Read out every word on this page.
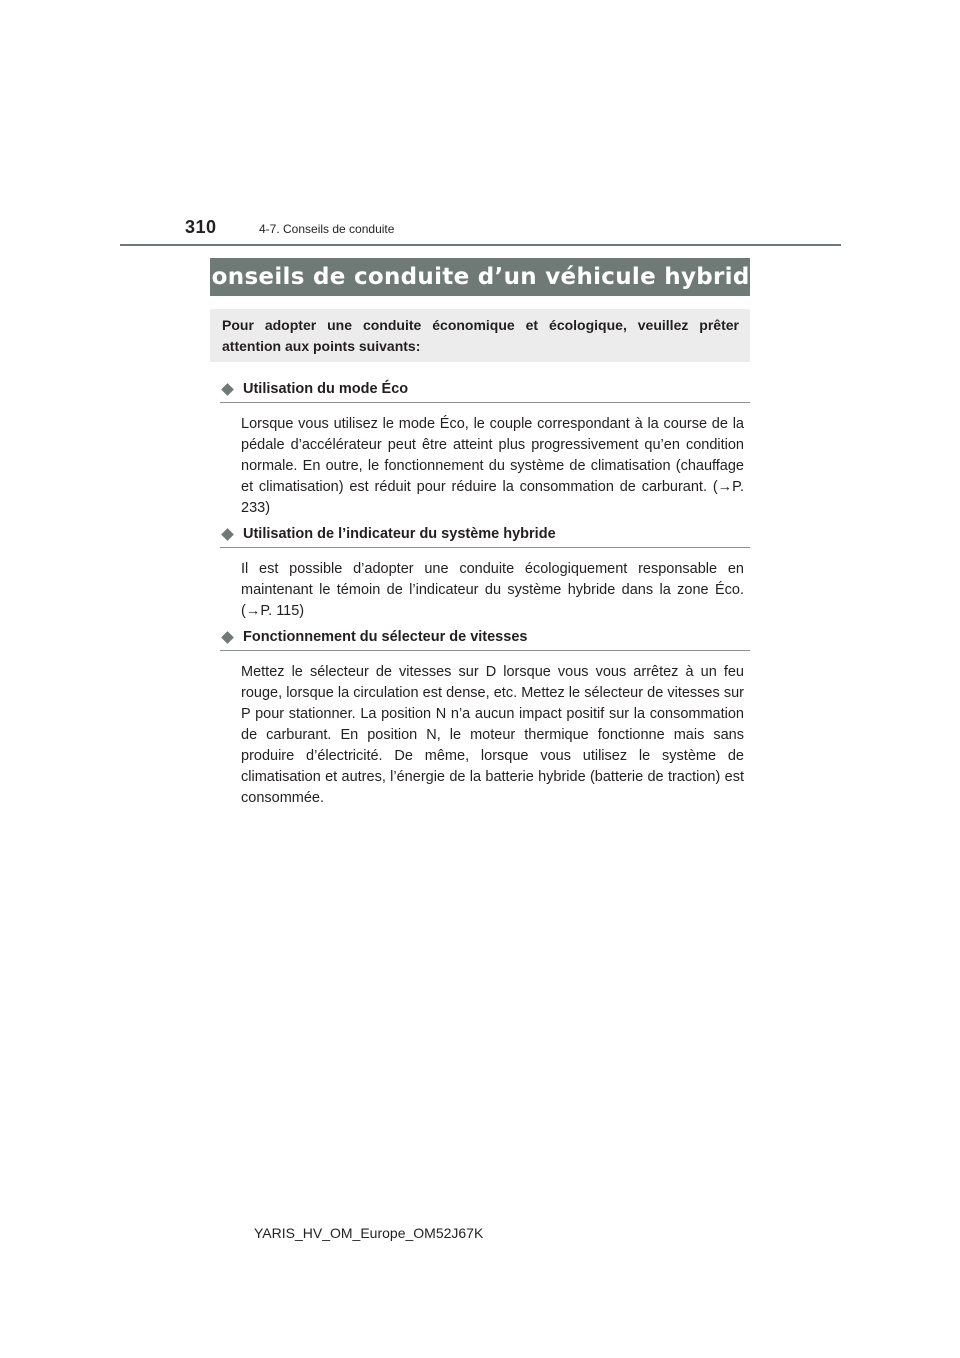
310	4-7. Conseils de conduite
Conseils de conduite d’un véhicule hybride
Pour adopter une conduite économique et écologique, veuillez prêter attention aux points suivants:
Utilisation du mode Éco
Lorsque vous utilisez le mode Éco, le couple correspondant à la course de la pédale d’accélérateur peut être atteint plus progressivement qu’en condition normale. En outre, le fonctionnement du système de climatisation (chauffage et climatisation) est réduit pour réduire la consommation de carburant. (→P. 233)
Utilisation de l’indicateur du système hybride
Il est possible d’adopter une conduite écologiquement responsable en maintenant le témoin de l’indicateur du système hybride dans la zone Éco. (→P. 115)
Fonctionnement du sélecteur de vitesses
Mettez le sélecteur de vitesses sur D lorsque vous vous arrêtez à un feu rouge, lorsque la circulation est dense, etc. Mettez le sélecteur de vitesses sur P pour stationner. La position N n’a aucun impact positif sur la consommation de carburant. En position N, le moteur thermique fonctionne mais sans produire d’électricité. De même, lorsque vous utilisez le système de climatisation et autres, l’énergie de la batterie hybride (batterie de traction) est consommée.
YARIS_HV_OM_Europe_OM52J67K
